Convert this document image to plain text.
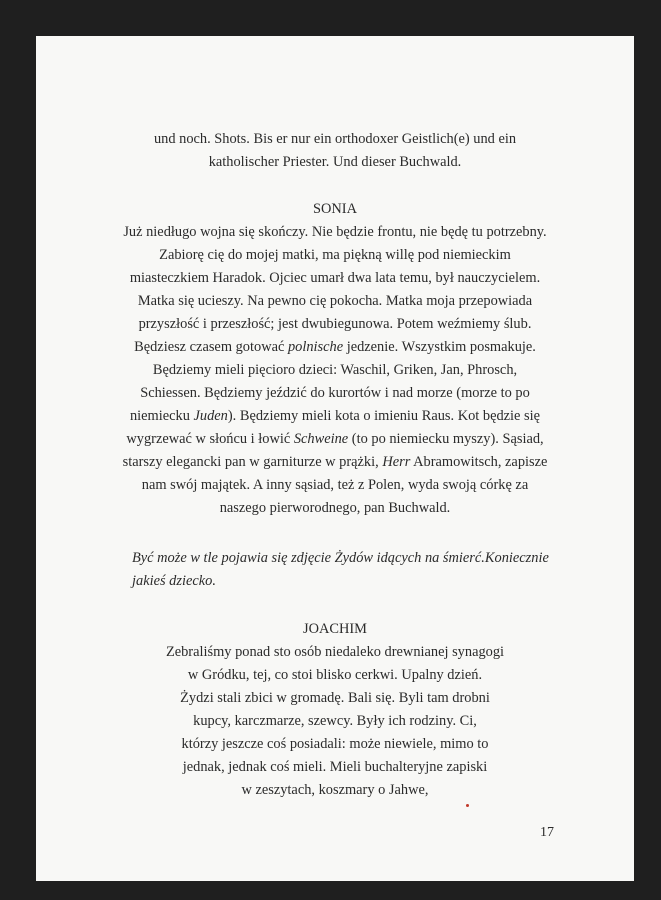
und noch. Shots. Bis er nur ein orthodoxer Geistlich(e) und ein
katholischer Priester. Und dieser Buchwald.
SONIA
Już niedługo wojna się skończy. Nie będzie frontu, nie będę tu potrzebny.
Zabiorę cię do mojej matki, ma piękną willę pod niemieckim
miasteczkiem Haradok. Ojciec umarł dwa lata temu, był nauczycielem.
Matka się ucieszy. Na pewno cię pokocha. Matka moja przepowiada
przyszłość i przeszłość; jest dwubiegunowa. Potem weźmiemy ślub.
Będziesz czasem gotować polnische jedzenie. Wszystkim posmakuje.
Będziemy mieli pięcioro dzieci: Waschil, Griken, Jan, Phrosch,
Schiessen. Będziemy jeździć do kurortów i nad morze (morze to po
niemiecku Juden). Będziemy mieli kota o imieniu Raus. Kot będzie się
wygrzewać w słońcu i łowić Schweine (to po niemiecku myszy). Sąsiad,
starszy elegancki pan w garniturze w prążki, Herr Abramowitsch, zapisze
nam swój majątek. A inny sąsiad, też z Polen, wyda swoją córkę za
naszego pierworodnego, pan Buchwald.
Być może w tle pojawia się zdjęcie Żydów idących na śmierć.Koniecznie
jakieś dziecko.
JOACHIM
Zebraliśmy ponad sto osób niedaleko drewnianej synagogi
w Gródku, tej, co stoi blisko cerkwi. Upalny dzień.
Żydzi stali zbici w gromadę. Bali się. Byli tam drobni
kupcy, karczmarze, szewcy. Były ich rodziny. Ci,
którzy jeszcze coś posiadali: może niewiele, mimo to
jednak, jednak coś mieli. Mieli buchalteryjne zapiski
w zeszytach, koszmary o Jahwe,
17
